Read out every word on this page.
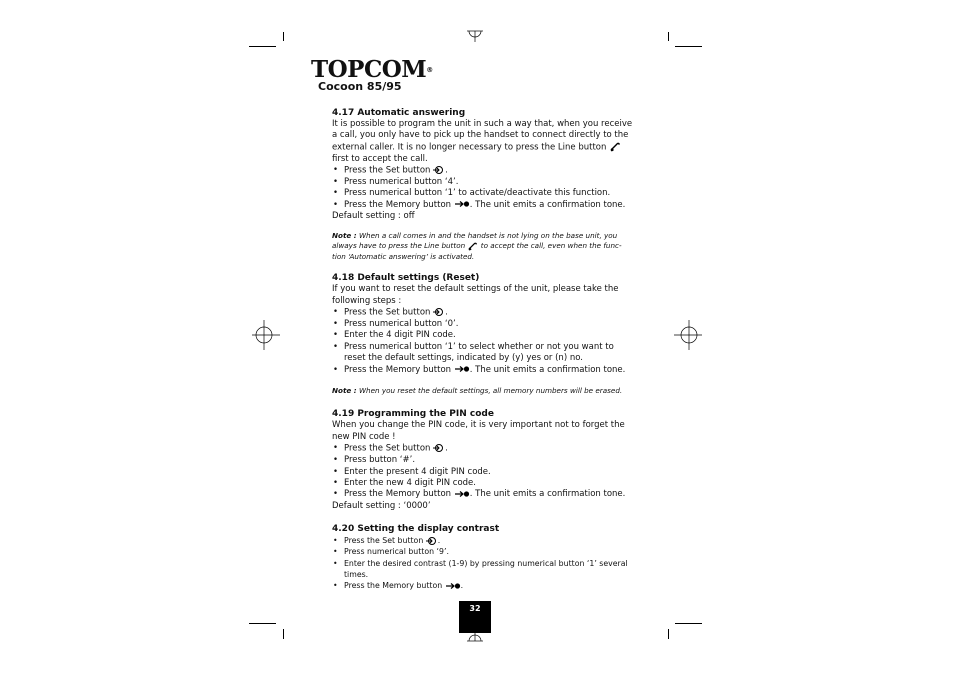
TOPCOM®
Cocoon 85/95
4.17 Automatic answering

It is possible to program the unit in such a way that, when you receive a call, you only have to pick up the handset to connect directly to the external caller. It is no longer necessary to press the Line button  first to accept the call.

• Press the Set button .
• Press numerical button ‘4’.
• Press numerical button ‘1’ to activate/deactivate this function.
• Press the Memory button . The unit emits a confirmation tone.

Default setting : off

Note : When a call comes in and the handset is not lying on the base unit, you always have to press the Line button to accept the call, even when the func-tion ‘Automatic answering’ is activated.

4.18 Default settings (Reset)

If you want to reset the default settings of the unit, please take the following steps :

• Press the Set button .
• Press numerical button ‘0’.
• Enter the 4 digit PIN code.
• Press numerical button ‘1’ to select whether or not you want to reset the default settings, indicated by (y) yes or (n) no.
• Press the Memory button . The unit emits a confirmation tone.

Note : When you reset the default settings, all memory numbers will be erased.

4.19 Programming the PIN code

When you change the PIN code, it is very important not to forget the new PIN code !

• Press the Set button .
• Press button ‘#’.
• Enter the present 4 digit PIN code.
• Enter the new 4 digit PIN code.
• Press the Memory button . The unit emits a confirmation tone.

Default setting : ‘0000’

4.20 Setting the display contrast
• Press the Set button .
• Press numerical button ‘9’.
• Enter the desired contrast (1-9) by pressing numerical button ‘1’ several times.
• Press the Memory button .
32
